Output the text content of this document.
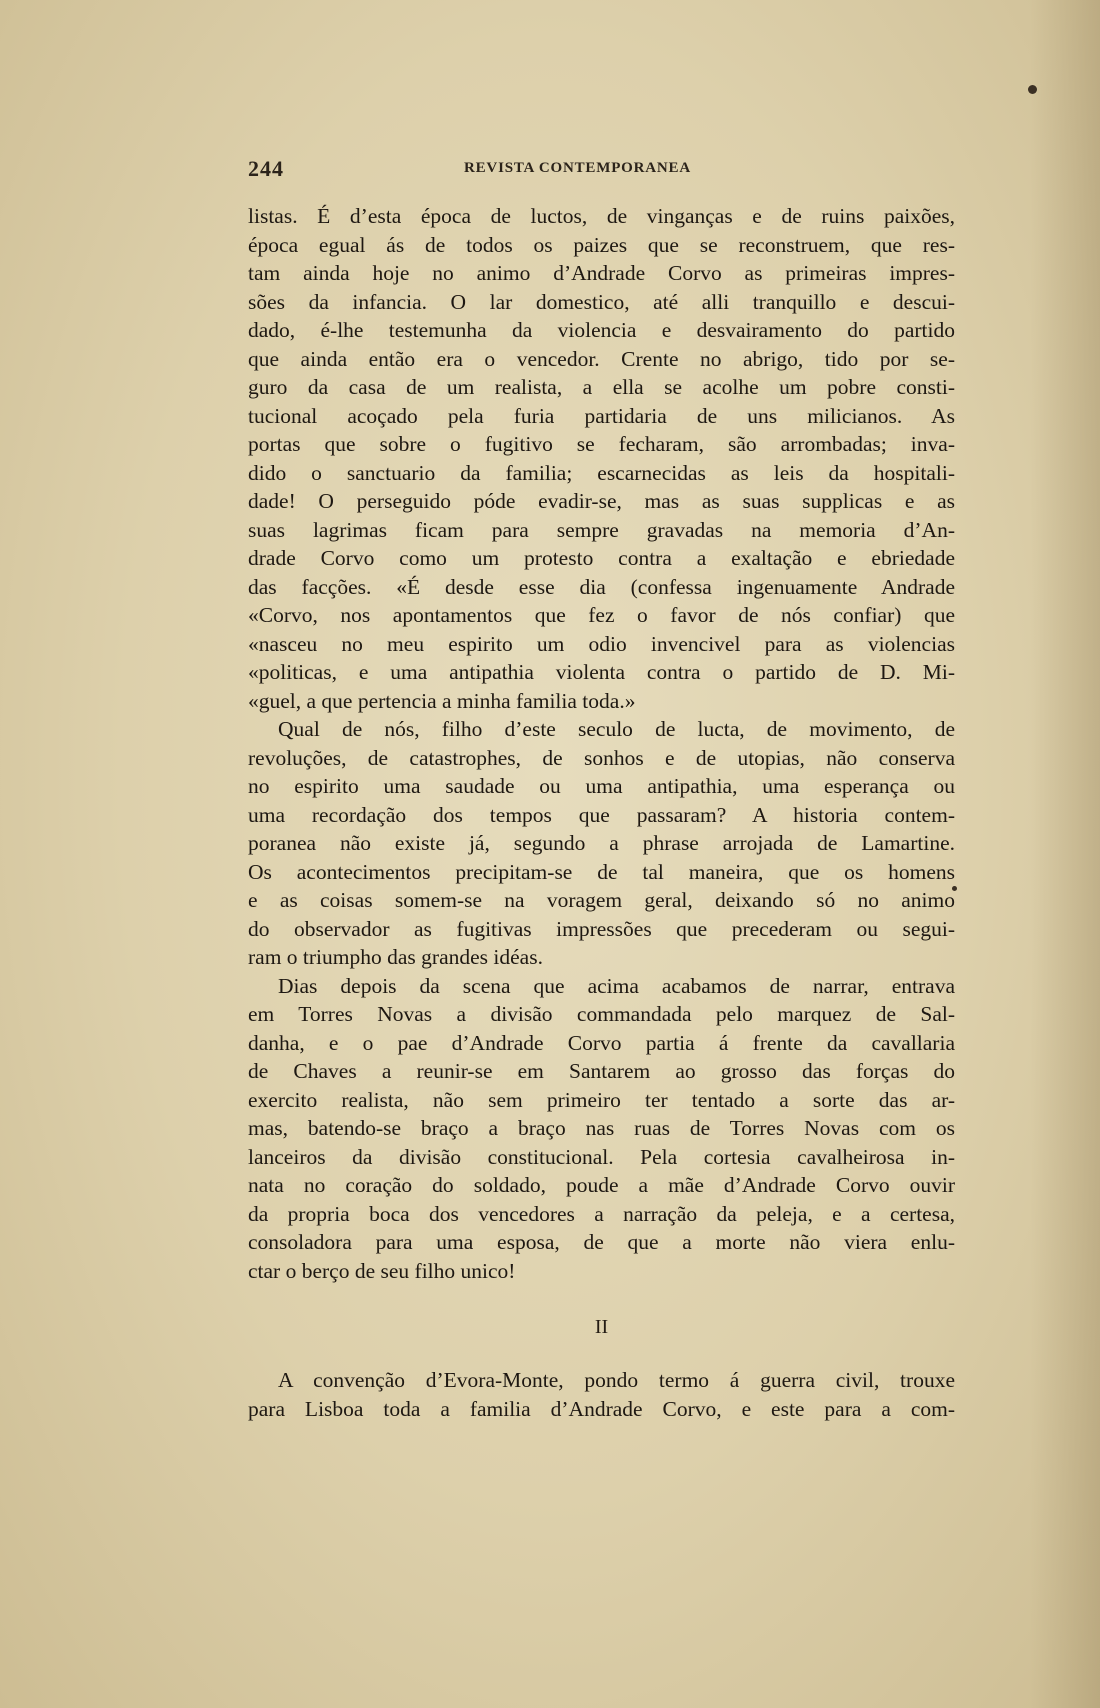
244	REVISTA CONTEMPORANEA
listas. É d’esta época de luctos, de vinganças e de ruins paixões,
época egual ás de todos os paizes que se reconstruem, que res-
tam ainda hoje no animo d’Andrade Corvo as primeiras impres-
sões da infancia. O lar domestico, até alli tranquillo e descui-
dado, é-lhe testemunha da violencia e desvairamento do partido
que ainda então era o vencedor. Crente no abrigo, tido por se-
guro da casa de um realista, a ella se acolhe um pobre consti-
tucional acoçado pela furia partidaria de uns milicianos. As
portas que sobre o fugitivo se fecharam, são arrombadas; inva-
dido o sanctuario da familia; escarnecidas as leis da hospitali-
dade! O perseguido póde evadir-se, mas as suas supplicas e as
suas lagrimas ficam para sempre gravadas na memoria d’An-
drade Corvo como um protesto contra a exaltação e ebriedade
das facções. «É desde esse dia (confessa ingenuamente Andrade
«Corvo, nos apontamentos que fez o favor de nós confiar) que
«nasceu no meu espirito um odio invencivel para as violencias
«politicas, e uma antipathia violenta contra o partido de D. Mi-
«guel, a que pertencia a minha familia toda.»
Qual de nós, filho d’este seculo de lucta, de movimento, de
revoluções, de catastrophes, de sonhos e de utopias, não conserva
no espirito uma saudade ou uma antipathia, uma esperança ou
uma recordação dos tempos que passaram? A historia contem-
poranea não existe já, segundo a phrase arrojada de Lamartine.
Os acontecimentos precipitam-se de tal maneira, que os homens
e as coisas somem-se na voragem geral, deixando só no animo
do observador as fugitivas impressões que precederam ou segui-
ram o triumpho das grandes idéas.
Dias depois da scena que acima acabamos de narrar, entrava
em Torres Novas a divisão commandada pelo marquez de Sal-
danha, e o pae d’Andrade Corvo partia á frente da cavallaria
de Chaves a reunir-se em Santarem ao grosso das forças do
exercito realista, não sem primeiro ter tentado a sorte das ar-
mas, batendo-se braço a braço nas ruas de Torres Novas com os
lanceiros da divisão constitucional. Pela cortesia cavalheirosa in-
nata no coração do soldado, poude a mãe d’Andrade Corvo ouvir
da propria boca dos vencedores a narração da peleja, e a certesa,
consoladora para uma esposa, de que a morte não viera enlu-
ctar o berço de seu filho unico!
II
A convenção d’Evora-Monte, pondo termo á guerra civil, trouxe
para Lisboa toda a familia d’Andrade Corvo, e este para a com-
